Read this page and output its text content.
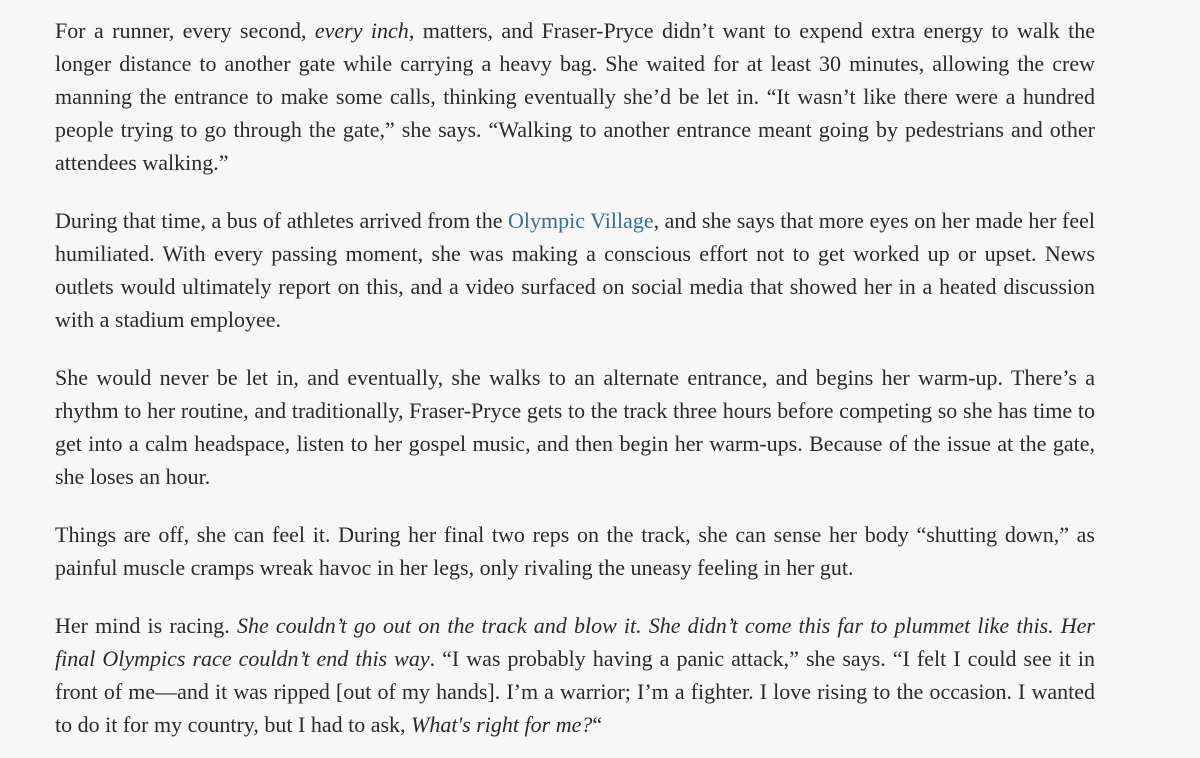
For a runner, every second, every inch, matters, and Fraser-Pryce didn’t want to expend extra energy to walk the longer distance to another gate while carrying a heavy bag. She waited for at least 30 minutes, allowing the crew manning the entrance to make some calls, thinking eventually she’d be let in. “It wasn’t like there were a hundred people trying to go through the gate,” she says. “Walking to another entrance meant going by pedestrians and other attendees walking.”

During that time, a bus of athletes arrived from the Olympic Village, and she says that more eyes on her made her feel humiliated. With every passing moment, she was making a conscious effort not to get worked up or upset. News outlets would ultimately report on this, and a video surfaced on social media that showed her in a heated discussion with a stadium employee.

She would never be let in, and eventually, she walks to an alternate entrance, and begins her warm-up. There’s a rhythm to her routine, and traditionally, Fraser-Pryce gets to the track three hours before competing so she has time to get into a calm headspace, listen to her gospel music, and then begin her warm-ups. Because of the issue at the gate, she loses an hour.

Things are off, she can feel it. During her final two reps on the track, she can sense her body “shutting down,” as painful muscle cramps wreak havoc in her legs, only rivaling the uneasy feeling in her gut.

Her mind is racing. She couldn’t go out on the track and blow it. She didn’t come this far to plummet like this. Her final Olympics race couldn’t end this way. “I was probably having a panic attack,” she says. “I felt I could see it in front of me—and it was ripped [out of my hands]. I’m a warrior; I’m a fighter. I love rising to the occasion. I wanted to do it for my country, but I had to ask, What's right for me?“
